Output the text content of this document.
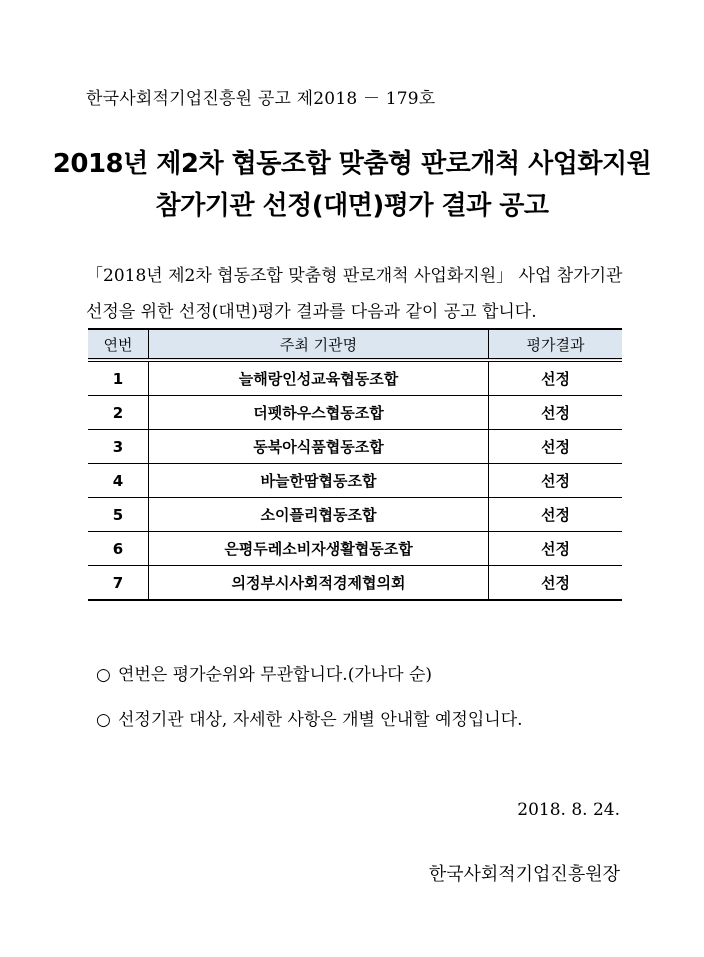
한국사회적기업진흥원 공고 제2018 － 179호
2018년 제2차 협동조합 맞춤형 판로개척 사업화지원
참가기관 선정(대면)평가 결과 공고
「2018년 제2차 협동조합 맞춤형 판로개척 사업화지원」 사업 참가기관 선정을 위한 선정(대면)평가 결과를 다음과 같이 공고 합니다.
연번	주최 기관명	평가결과
1	늘해랑인성교육협동조합	선정
2	더펫하우스협동조합	선정
3	동북아식품협동조합	선정
4	바늘한땀협동조합	선정
5	소이플리협동조합	선정
6	은평두레소비자생활협동조합	선정
7	의정부시사회적경제협의회	선정
○ 연번은 평가순위와 무관합니다.(가나다 순)
○ 선정기관 대상, 자세한 사항은 개별 안내할 예정입니다.
2018. 8. 24.
한국사회적기업진흥원장
